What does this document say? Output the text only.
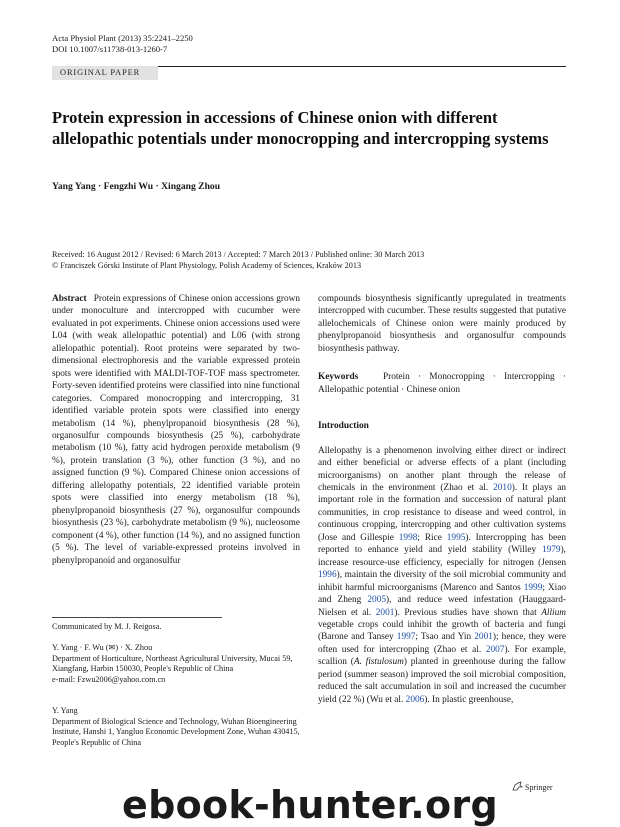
Acta Physiol Plant (2013) 35:2241–2250
DOI 10.1007/s11738-013-1260-7
ORIGINAL PAPER
Protein expression in accessions of Chinese onion with different allelopathic potentials under monocropping and intercropping systems
Yang Yang · Fengzhi Wu · Xingang Zhou
Received: 16 August 2012 / Revised: 6 March 2013 / Accepted: 7 March 2013 / Published online: 30 March 2013
© Franciszek Górski Institute of Plant Physiology, Polish Academy of Sciences, Kraków 2013

Abstract Protein expressions of Chinese onion accessions grown under monoculture and intercropped with cucumber were evaluated in pot experiments. Chinese onion accessions used were L04 (with weak allelopathic potential) and L06 (with strong allelopathic potential). Root proteins were separated by two-dimensional electrophoresis and the variable expressed protein spots were identified with MALDI-TOF-TOF mass spectrometer. Forty-seven identified proteins were classified into nine functional categories. Compared monocropping and intercropping, 31 identified variable protein spots were classified into energy metabolism (14 %), phenylpropanoid biosynthesis (28 %), organosulfur compounds biosynthesis (25 %), carbohydrate metabolism (10 %), fatty acid hydrogen peroxide metabolism (9 %), protein translation (3 %), other function (3 %), and no assigned function (9 %). Compared Chinese onion accessions of differing allelopathy potentials, 22 identified variable protein spots were classified into energy metabolism (18 %), phenylpropanoid biosynthesis (27 %), organosulfur compounds biosynthesis (23 %), carbohydrate metabolism (9 %), nucleosome component (4 %), other function (14 %), and no assigned function (5 %). The level of variable-expressed proteins involved in phenylpropanoid and organosulfur

Communicated by M. J. Reigosa.
Y. Yang · F. Wu (✉) · X. Zhou
Department of Horticulture, Northeast Agricultural University, Mucai 59, Xiangfang, Harbin 150030, People's Republic of China
e-mail: Fzwu2006@yahoo.com.cn
Y. Yang
Department of Biological Science and Technology, Wuhan Bioengineering Institute, Hanshi 1, Yangluo Economic Development Zone, Wuhan 430415, People's Republic of China

compounds biosynthesis significantly upregulated in treatments intercropped with cucumber. These results suggested that putative allelochemicals of Chinese onion were mainly produced by phenylpropanoid biosynthesis and organosulfur compounds biosynthesis pathway.

Keywords	Protein · Monocropping · Intercropping · Allelopathic potential · Chinese onion

Introduction

Allelopathy is a phenomenon involving either direct or indirect and either beneficial or adverse effects of a plant (including microorganisms) on another plant through the release of chemicals in the environment (Zhao et al. 2010). It plays an important role in the formation and succession of natural plant communities, in crop resistance to disease and weed control, in continuous cropping, intercropping and other cultivation systems (Jose and Gillespie 1998; Rice 1995). Intercropping has been reported to enhance yield and yield stability (Willey 1979), increase resource-use efficiency, especially for nitrogen (Jensen 1996), maintain the diversity of the soil microbial community and inhibit harmful microorganisms (Marenco and Santos 1999; Xiao and Zheng 2005), and reduce weed infestation (Hauggaard-Nielsen et al. 2001). Previous studies have shown that Allium vegetable crops could inhibit the growth of bacteria and fungi (Barone and Tansey 1997; Tsao and Yin 2001); hence, they were often used for intercropping (Zhao et al. 2007). For example, scallion (A. fistulosum) planted in greenhouse during the fallow period (summer season) improved the soil microbial composition, reduced the salt accumulation in soil and increased the cucumber yield (22 %) (Wu et al. 2006). In plastic greenhouse,

Springer
ebook-hunter.org
